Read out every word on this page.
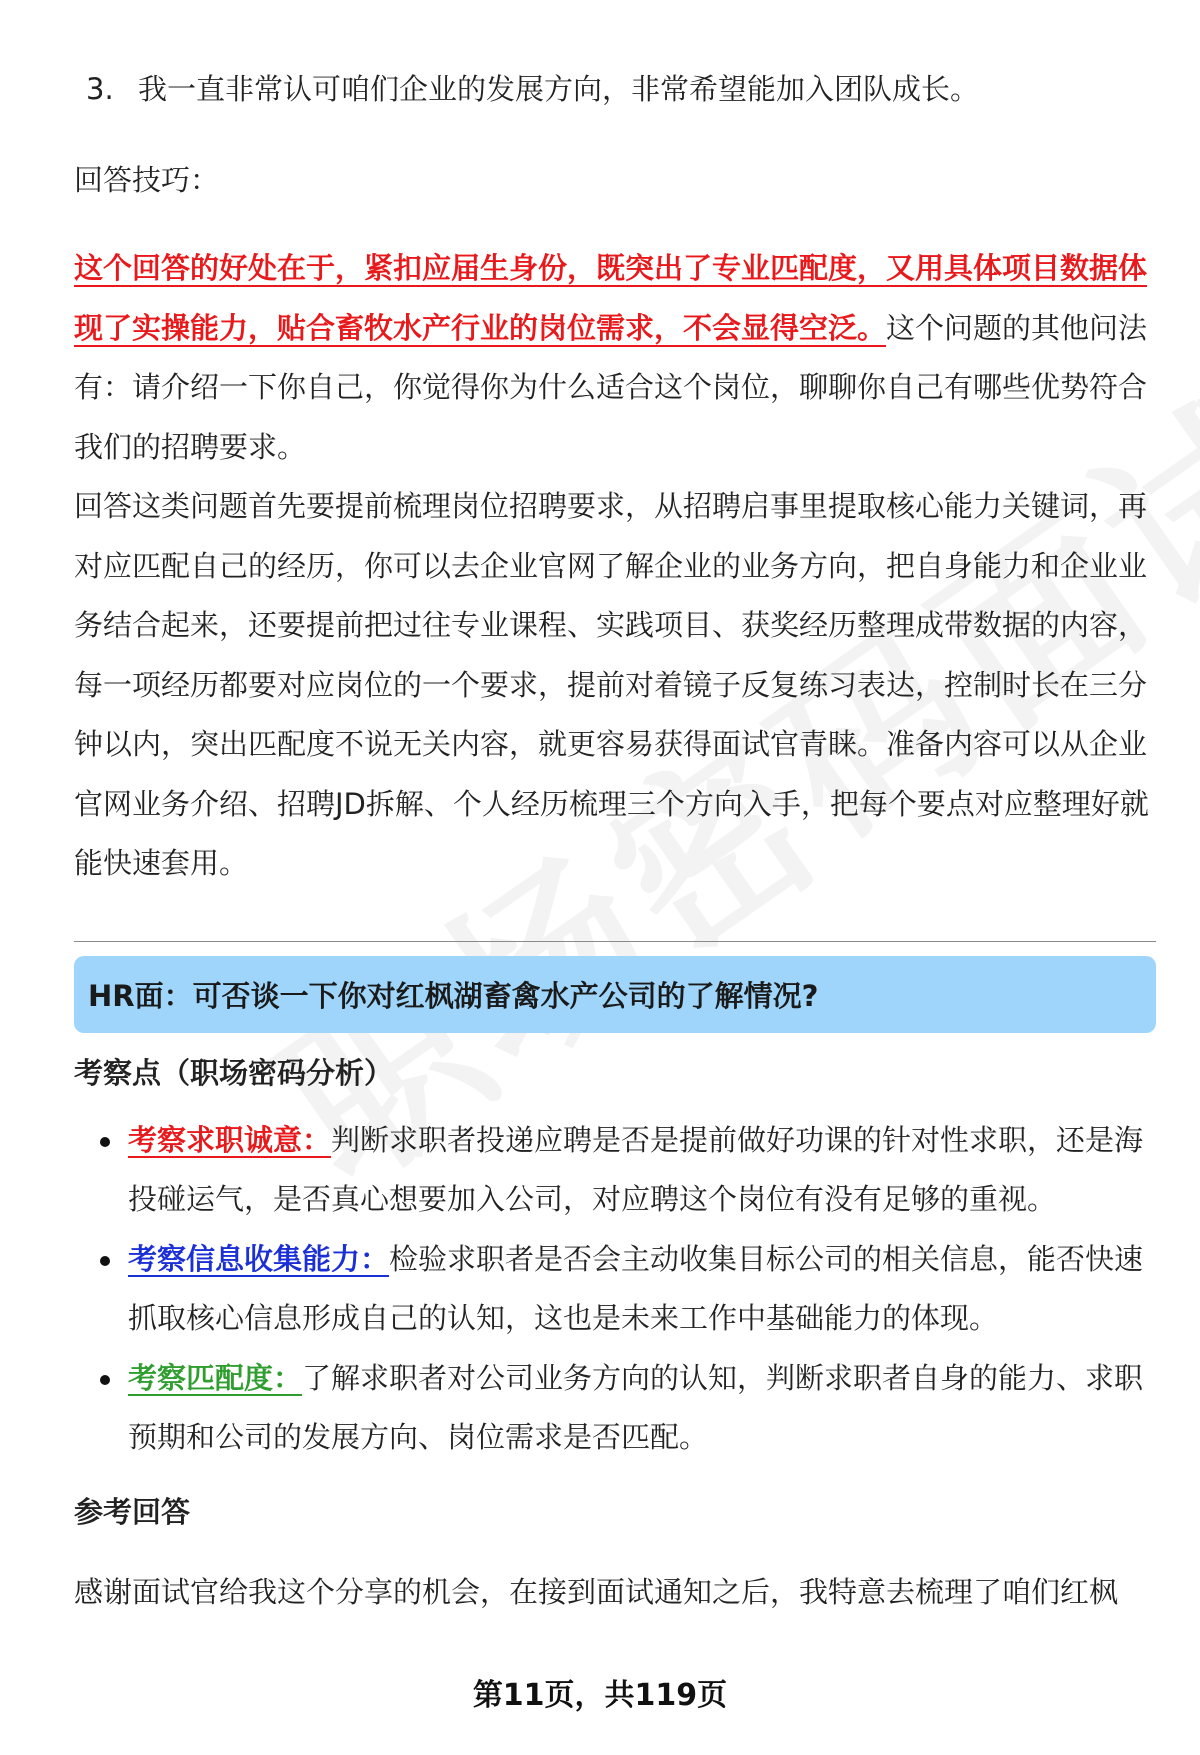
3. 我一直非常认可咱们企业的发展方向，非常希望能加入团队成长。

回答技巧：

这个回答的好处在于，紧扣应届生身份，既突出了专业匹配度，又用具体项目数据体现了实操能力，贴合畜牧水产行业的岗位需求，不会显得空泛。这个问题的其他问法有：请介绍一下你自己，你觉得你为什么适合这个岗位，聊聊你自己有哪些优势符合我们的招聘要求。

回答这类问题首先要提前梳理岗位招聘要求，从招聘启事里提取核心能力关键词，再对应匹配自己的经历，你可以去企业官网了解企业的业务方向，把自身能力和企业业务结合起来，还要提前把过往专业课程、实践项目、获奖经历整理成带数据的内容，每一项经历都要对应岗位的一个要求，提前对着镜子反复练习表达，控制时长在三分钟以内，突出匹配度不说无关内容，就更容易获得面试官青睐。准备内容可以从企业官网业务介绍、招聘JD拆解、个人经历梳理三个方向入手，把每个要点对应整理好就能快速套用。

HR面：可否谈一下你对红枫湖畜禽水产公司的了解情况?

考察点（职场密码分析）

考察求职诚意：判断求职者投递应聘是否是提前做好功课的针对性求职，还是海投碰运气，是否真心想要加入公司，对应聘这个岗位有没有足够的重视。
考察信息收集能力：检验求职者是否会主动收集目标公司的相关信息，能否快速抓取核心信息形成自己的认知，这也是未来工作中基础能力的体现。
考察匹配度：了解求职者对公司业务方向的认知，判断求职者自身的能力、求职预期和公司的发展方向、岗位需求是否匹配。

参考回答

感谢面试官给我这个分享的机会，在接到面试通知之后，我特意去梳理了咱们红枫

第11页，共119页
